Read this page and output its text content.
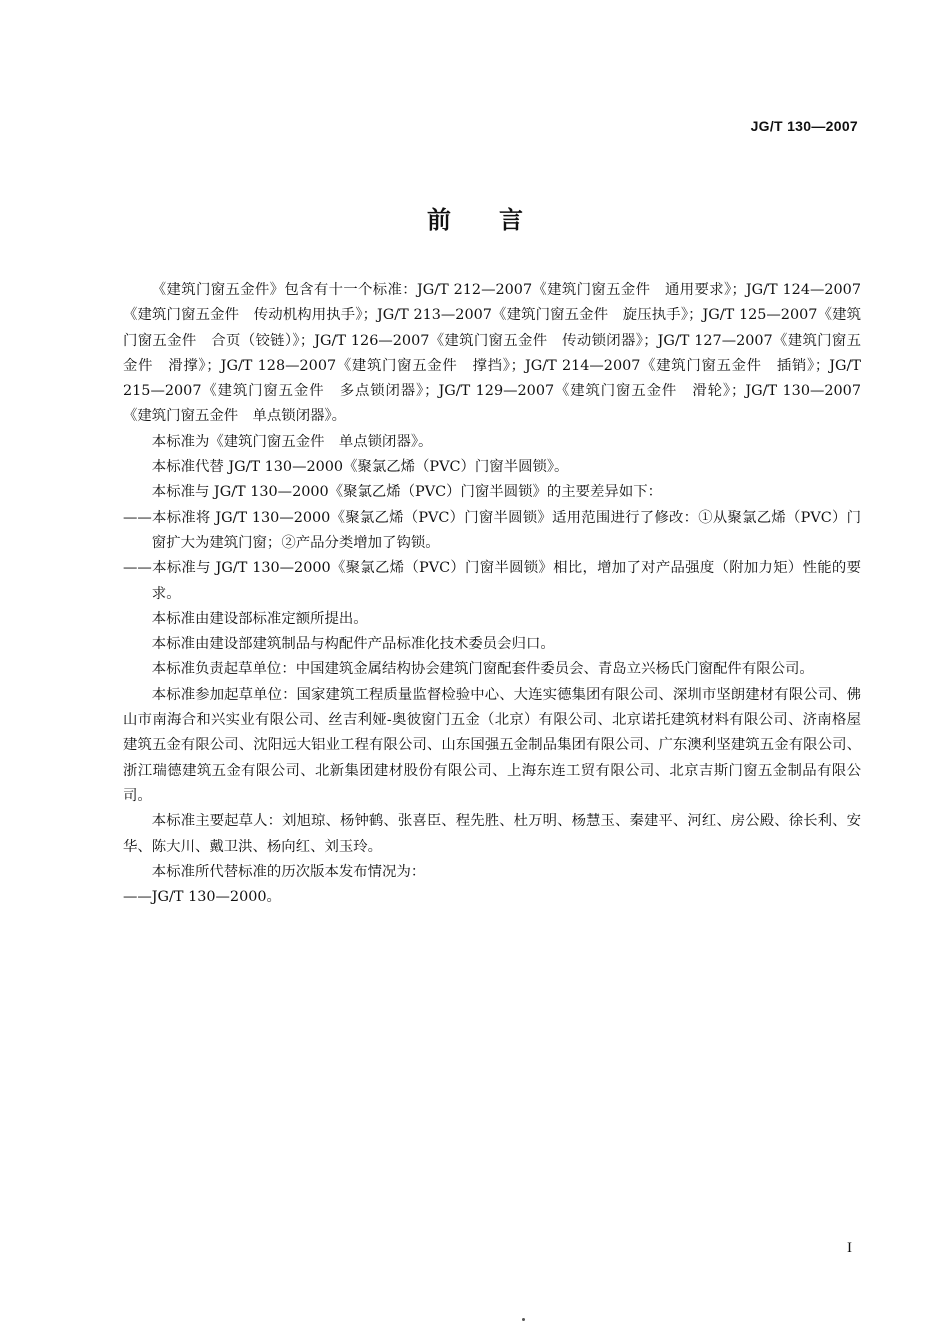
JG/T 130—2007
前 言

《建筑门窗五金件》包含有十一个标准：JG/T 212—2007《建筑门窗五金件　通用要求》；JG/T 124—2007《建筑门窗五金件　传动机构用执手》；JG/T 213—2007《建筑门窗五金件　旋压执手》；JG/T 125—2007《建筑门窗五金件　合页（铰链）》；JG/T 126—2007《建筑门窗五金件　传动锁闭器》；JG/T 127—2007《建筑门窗五金件　滑撑》；JG/T 128—2007《建筑门窗五金件　撑挡》；JG/T 214—2007《建筑门窗五金件　插销》；JG/T 215—2007《建筑门窗五金件　多点锁闭器》；JG/T 129—2007《建筑门窗五金件　滑轮》；JG/T 130—2007《建筑门窗五金件　单点锁闭器》。

本标准为《建筑门窗五金件　单点锁闭器》。

本标准代替 JG/T 130—2000《聚氯乙烯（PVC）门窗半圆锁》。

本标准与 JG/T 130—2000《聚氯乙烯（PVC）门窗半圆锁》的主要差异如下：

——本标准将 JG/T 130—2000《聚氯乙烯（PVC）门窗半圆锁》适用范围进行了修改：①从聚氯乙烯（PVC）门窗扩大为建筑门窗；②产品分类增加了钩锁。

——本标准与 JG/T 130—2000《聚氯乙烯（PVC）门窗半圆锁》相比，增加了对产品强度（附加力矩）性能的要求。

本标准由建设部标准定额所提出。

本标准由建设部建筑制品与构配件产品标准化技术委员会归口。

本标准负责起草单位：中国建筑金属结构协会建筑门窗配套件委员会、青岛立兴杨氏门窗配件有限公司。

本标准参加起草单位：国家建筑工程质量监督检验中心、大连实德集团有限公司、深圳市坚朗建材有限公司、佛山市南海合和兴实业有限公司、丝吉利娅-奥彼窗门五金（北京）有限公司、北京诺托建筑材料有限公司、济南格屋建筑五金有限公司、沈阳远大铝业工程有限公司、山东国强五金制品集团有限公司、广东澳利坚建筑五金有限公司、浙江瑞德建筑五金有限公司、北新集团建材股份有限公司、上海东连工贸有限公司、北京吉斯门窗五金制品有限公司。

本标准主要起草人：刘旭琼、杨钟鹤、张喜臣、程先胜、杜万明、杨慧玉、秦建平、河红、房公殿、徐长利、安华、陈大川、戴卫洪、杨向红、刘玉玲。

本标准所代替标准的历次版本发布情况为：

——JG/T 130—2000。

I
